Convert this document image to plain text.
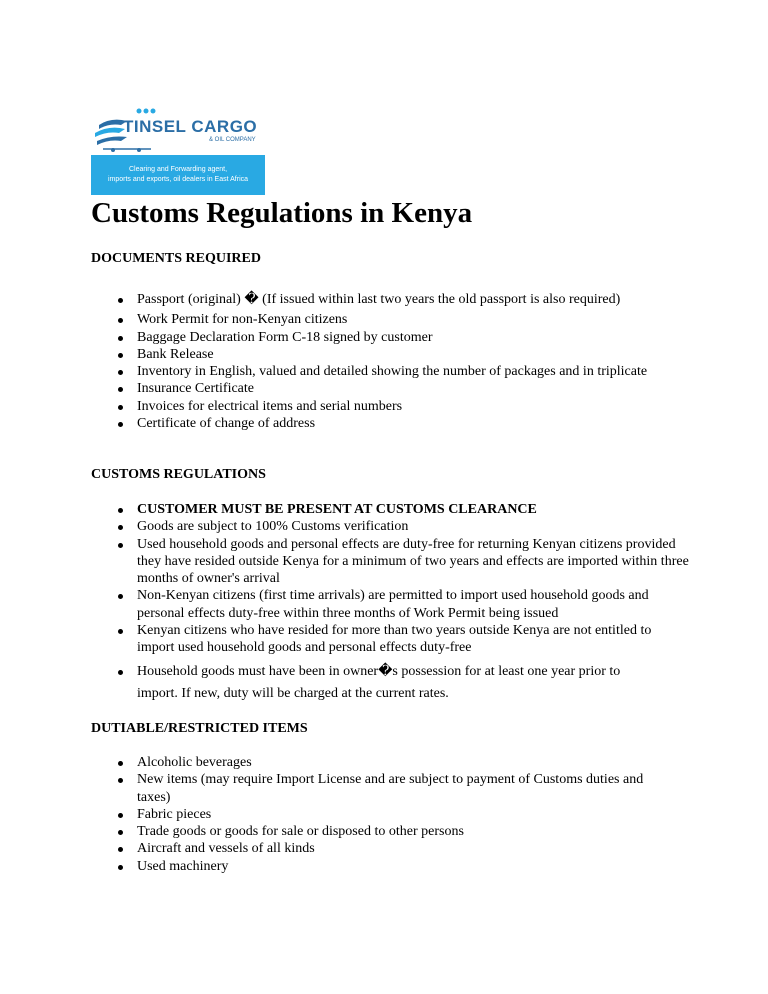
TINSEL CARGO
& OIL COMPANY
Clearing and Forwarding agent,
imports and exports, oil dealers in East Africa
Customs Regulations in Kenya
DOCUMENTS REQUIRED
Passport (original) � (If issued within last two years the old passport is also required)
Work Permit for non-Kenyan citizens
Baggage Declaration Form C-18 signed by customer
Bank Release
Inventory in English, valued and detailed showing the number of packages and in triplicate
Insurance Certificate
Invoices for electrical items and serial numbers
Certificate of change of address
CUSTOMS REGULATIONS
CUSTOMER MUST BE PRESENT AT CUSTOMS CLEARANCE
Goods are subject to 100% Customs verification
Used household goods and personal effects are duty-free for returning Kenyan citizens provided they have resided outside Kenya for a minimum of two years and effects are imported within three months of owner's arrival
Non-Kenyan citizens (first time arrivals) are permitted to import used household goods and personal effects duty-free within three months of Work Permit being issued
Kenyan citizens who have resided for more than two years outside Kenya are not entitled to import used household goods and personal effects duty-free
Household goods must have been in owner�s possession for at least one year prior to import. If new, duty will be charged at the current rates.
DUTIABLE/RESTRICTED ITEMS
Alcoholic beverages
New items (may require Import License and are subject to payment of Customs duties and taxes)
Fabric pieces
Trade goods or goods for sale or disposed to other persons
Aircraft and vessels of all kinds
Used machinery
